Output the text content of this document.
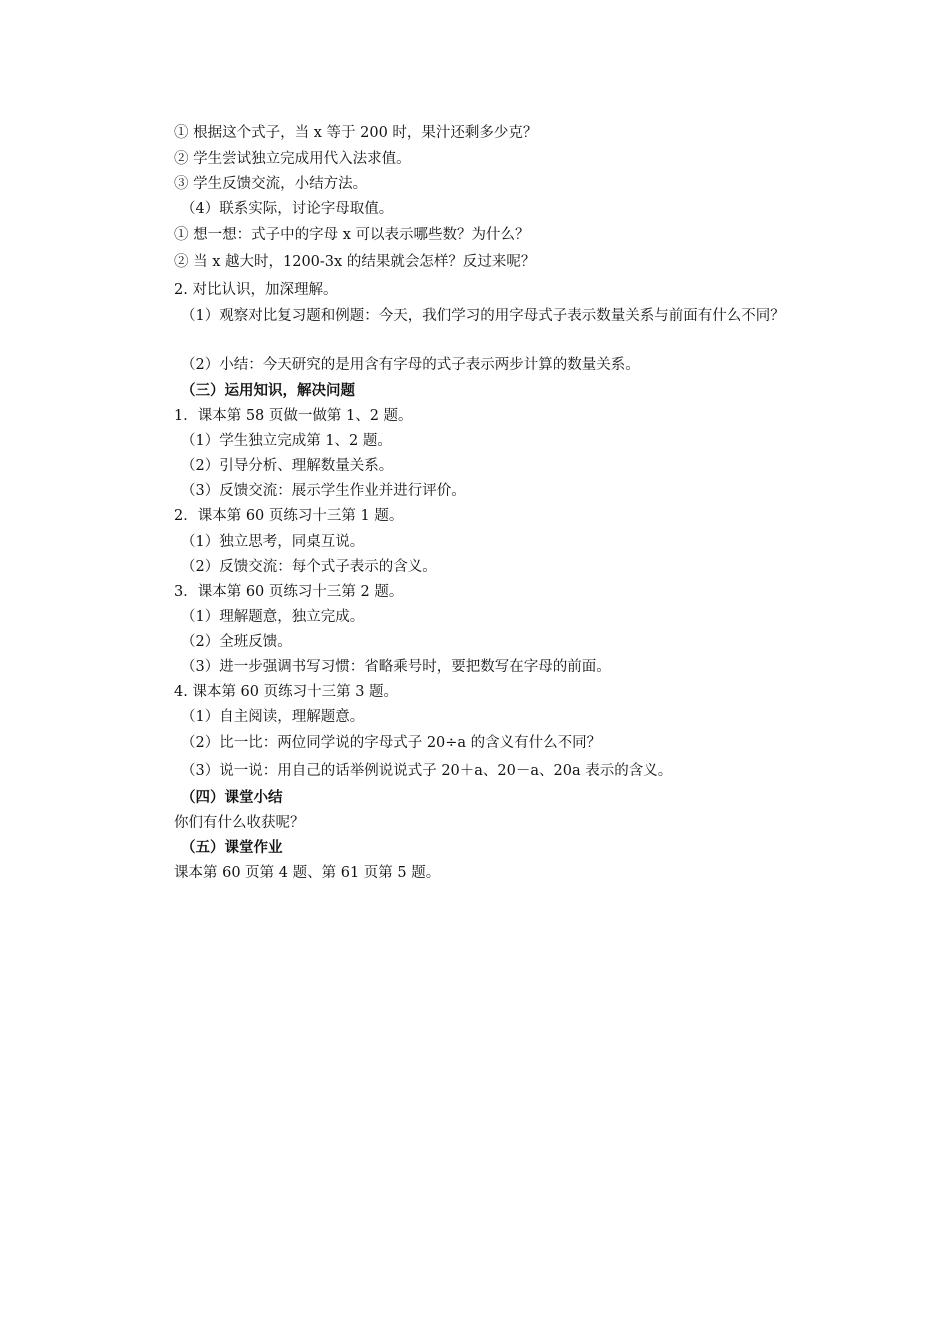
① 根据这个式子，当 x 等于 200 时，果汁还剩多少克？
② 学生尝试独立完成用代入法求值。
③ 学生反馈交流，小结方法。
（4）联系实际，讨论字母取值。
① 想一想：式子中的字母 x 可以表示哪些数？为什么？
② 当 x 越大时，1200-3x 的结果就会怎样？反过来呢？
2. 对比认识，加深理解。
（1）观察对比复习题和例题：今天，我们学习的用字母式子表示数量关系与前面有什么不同？
（2）小结：今天研究的是用含有字母的式子表示两步计算的数量关系。
（三）运用知识，解决问题
1．课本第 58 页做一做第 1、2 题。
（1）学生独立完成第 1、2 题。
（2）引导分析、理解数量关系。
（3）反馈交流：展示学生作业并进行评价。
2．课本第 60 页练习十三第 1 题。
（1）独立思考，同桌互说。
（2）反馈交流：每个式子表示的含义。
3．课本第 60 页练习十三第 2 题。
（1）理解题意，独立完成。
（2）全班反馈。
（3）进一步强调书写习惯：省略乘号时，要把数写在字母的前面。
4. 课本第 60 页练习十三第 3 题。
（1）自主阅读，理解题意。
（2）比一比：两位同学说的字母式子 20÷a 的含义有什么不同？
（3）说一说：用自己的话举例说说式子 20＋a、20－a、20a 表示的含义。
（四）课堂小结
你们有什么收获呢？
（五）课堂作业
课本第 60 页第 4 题、第 61 页第 5 题。
